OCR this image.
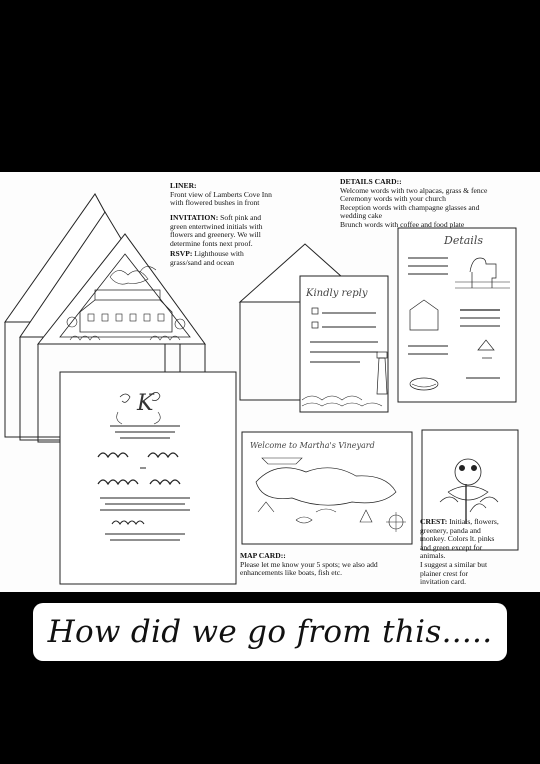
K
Kindly reply
Details
Welcome to Martha's Vineyard

LINER:
Front view of Lamberts Cove Inn
with flowered bushes in front

INVITATION: Soft pink and
green entertwined initials with
flowers and greenery. We will
determine fonts next proof.

RSVP: Lighthouse with
grass/sand and ocean

DETAILS CARD::
Welcome words with two alpacas, grass & fence
Ceremony words with your church
Reception words with champagne glasses and
wedding cake
Brunch words with coffee and food plate

MAP CARD::
Please let me know your 5 spots; we also add
enhancements like boats, fish etc.

CREST: Initials, flowers,
greenery, panda and
monkey. Colors lt. pinks
and green except for
animals.
I suggest a similar but
plainer crest for
invitation card.

How did we go from this.....
